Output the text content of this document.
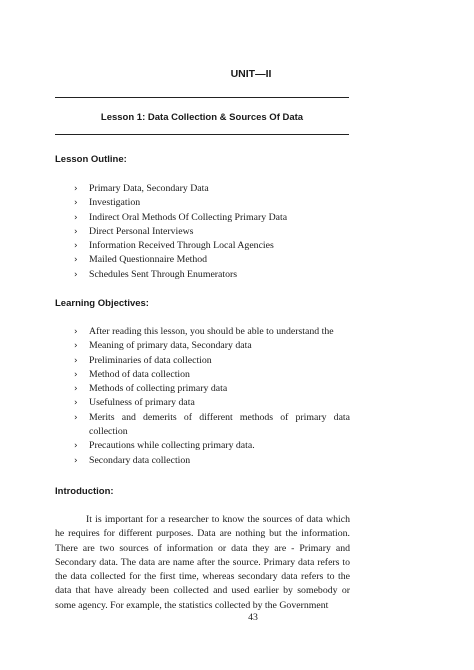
UNIT—II
Lesson 1: Data Collection & Sources Of Data
Lesson Outline:
› Primary Data, Secondary Data
› Investigation
› Indirect Oral Methods Of Collecting Primary Data
› Direct Personal Interviews
› Information Received Through Local Agencies
› Mailed Questionnaire Method
› Schedules Sent Through Enumerators
Learning Objectives:
› After reading this lesson, you should be able to understand the
› Meaning of primary data, Secondary data
› Preliminaries of data collection
› Method of data collection
› Methods of collecting primary data
› Usefulness of primary data
› Merits and demerits of different methods of primary data collection
› Precautions while collecting primary data.
› Secondary data collection
Introduction:

It is important for a researcher to know the sources of data which he requires for different purposes. Data are nothing but the information. There are two sources of information or data they are - Primary and Secondary data. The data are name after the source. Primary data refers to the data collected for the first time, whereas secondary data refers to the data that have already been collected and used earlier by somebody or some agency. For example, the statistics collected by the Government

43
